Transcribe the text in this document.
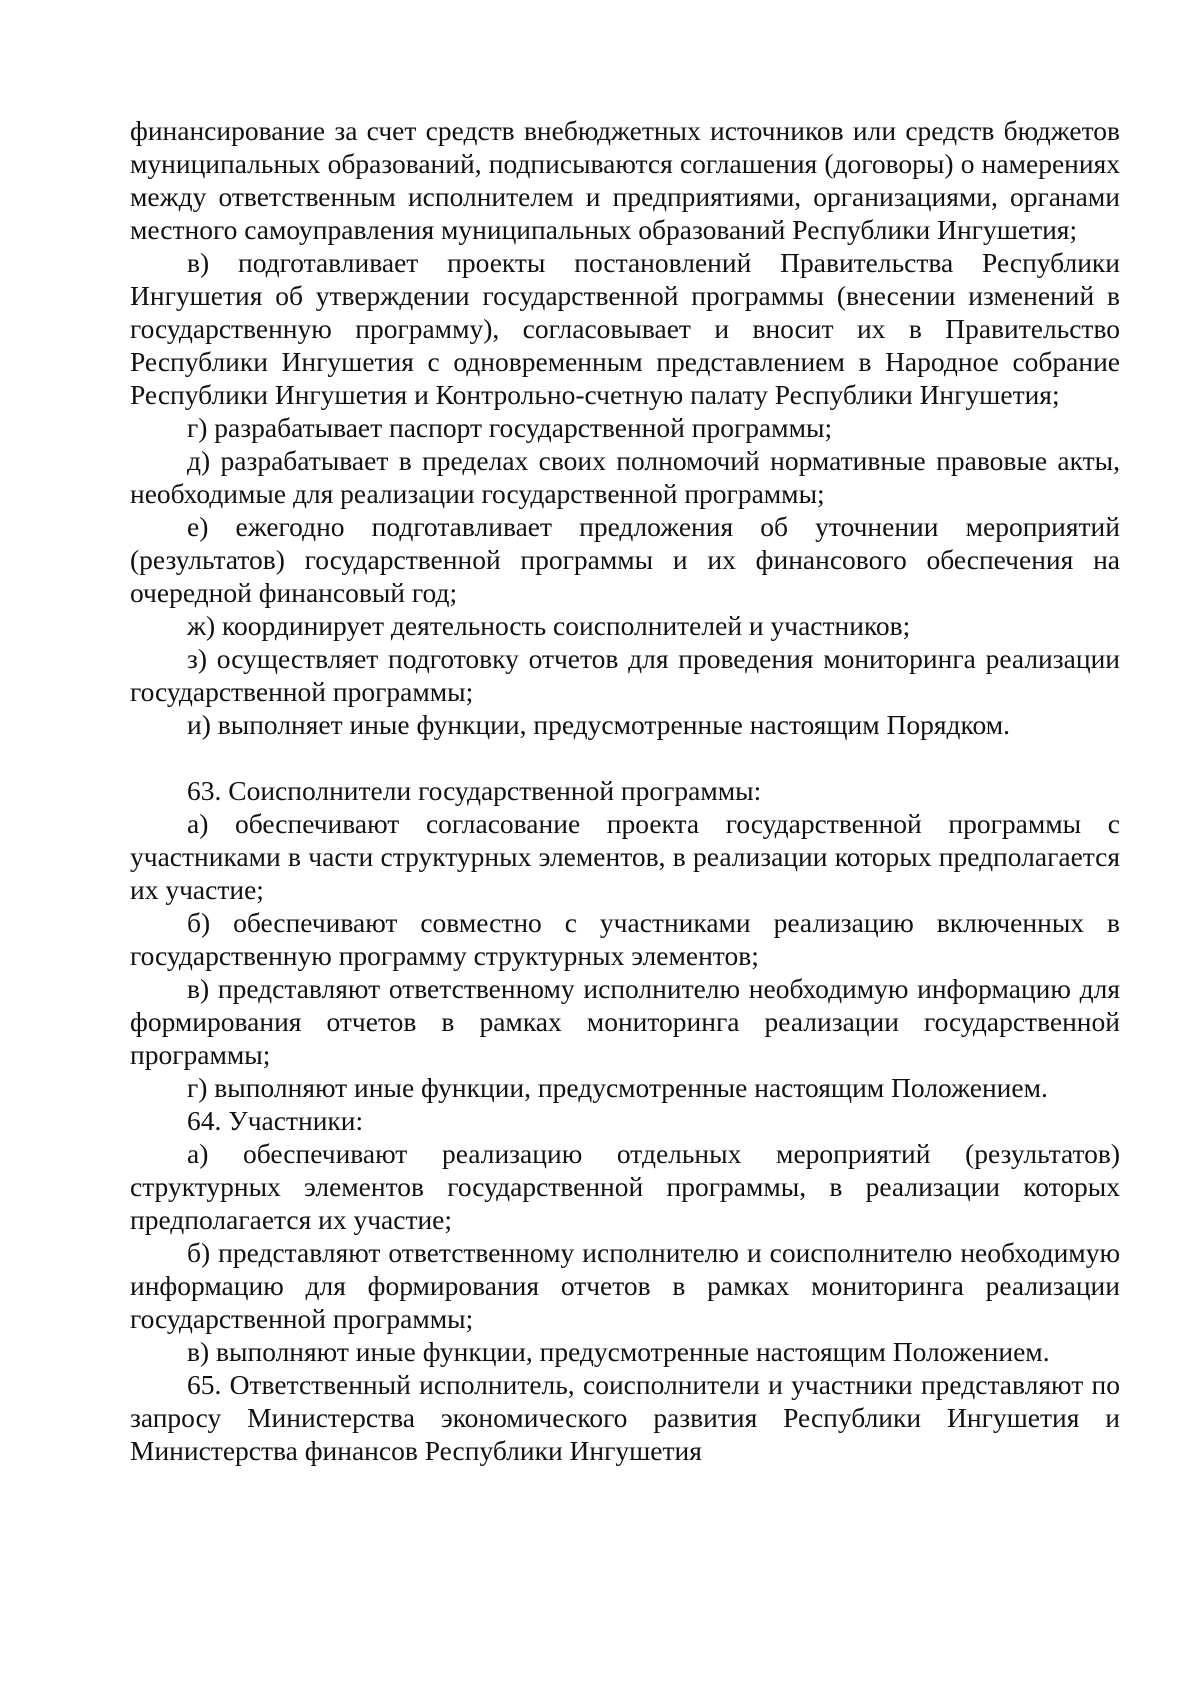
финансирование за счет средств внебюджетных источников или средств бюджетов муниципальных образований, подписываются соглашения (договоры) о намерениях между ответственным исполнителем и предприятиями, организациями, органами местного самоуправления муниципальных образований Республики Ингушетия;

в) подготавливает проекты постановлений Правительства Республики Ингушетия об утверждении государственной программы (внесении изменений в государственную программу), согласовывает и вносит их в Правительство Республики Ингушетия с одновременным представлением в Народное собрание Республики Ингушетия и Контрольно-счетную палату Республики Ингушетия;

г) разрабатывает паспорт государственной программы;

д) разрабатывает в пределах своих полномочий нормативные правовые акты, необходимые для реализации государственной программы;

е) ежегодно подготавливает предложения об уточнении мероприятий (результатов) государственной программы и их финансового обеспечения на очередной финансовый год;

ж) координирует деятельность соисполнителей и участников;

з) осуществляет подготовку отчетов для проведения мониторинга реализации государственной программы;

и) выполняет иные функции, предусмотренные настоящим Порядком.

63. Соисполнители государственной программы:

а) обеспечивают согласование проекта государственной программы с участниками в части структурных элементов, в реализации которых предполагается их участие;

б) обеспечивают совместно с участниками реализацию включенных в государственную программу структурных элементов;

в) представляют ответственному исполнителю необходимую информацию для формирования отчетов в рамках мониторинга реализации государственной программы;

г) выполняют иные функции, предусмотренные настоящим Положением.

64. Участники:

а) обеспечивают реализацию отдельных мероприятий (результатов) структурных элементов государственной программы, в реализации которых предполагается их участие;

б) представляют ответственному исполнителю и соисполнителю необходимую информацию для формирования отчетов в рамках мониторинга реализации государственной программы;

в) выполняют иные функции, предусмотренные настоящим Положением.

65. Ответственный исполнитель, соисполнители и участники представляют по запросу Министерства экономического развития Республики Ингушетия и Министерства финансов Республики Ингушетия
